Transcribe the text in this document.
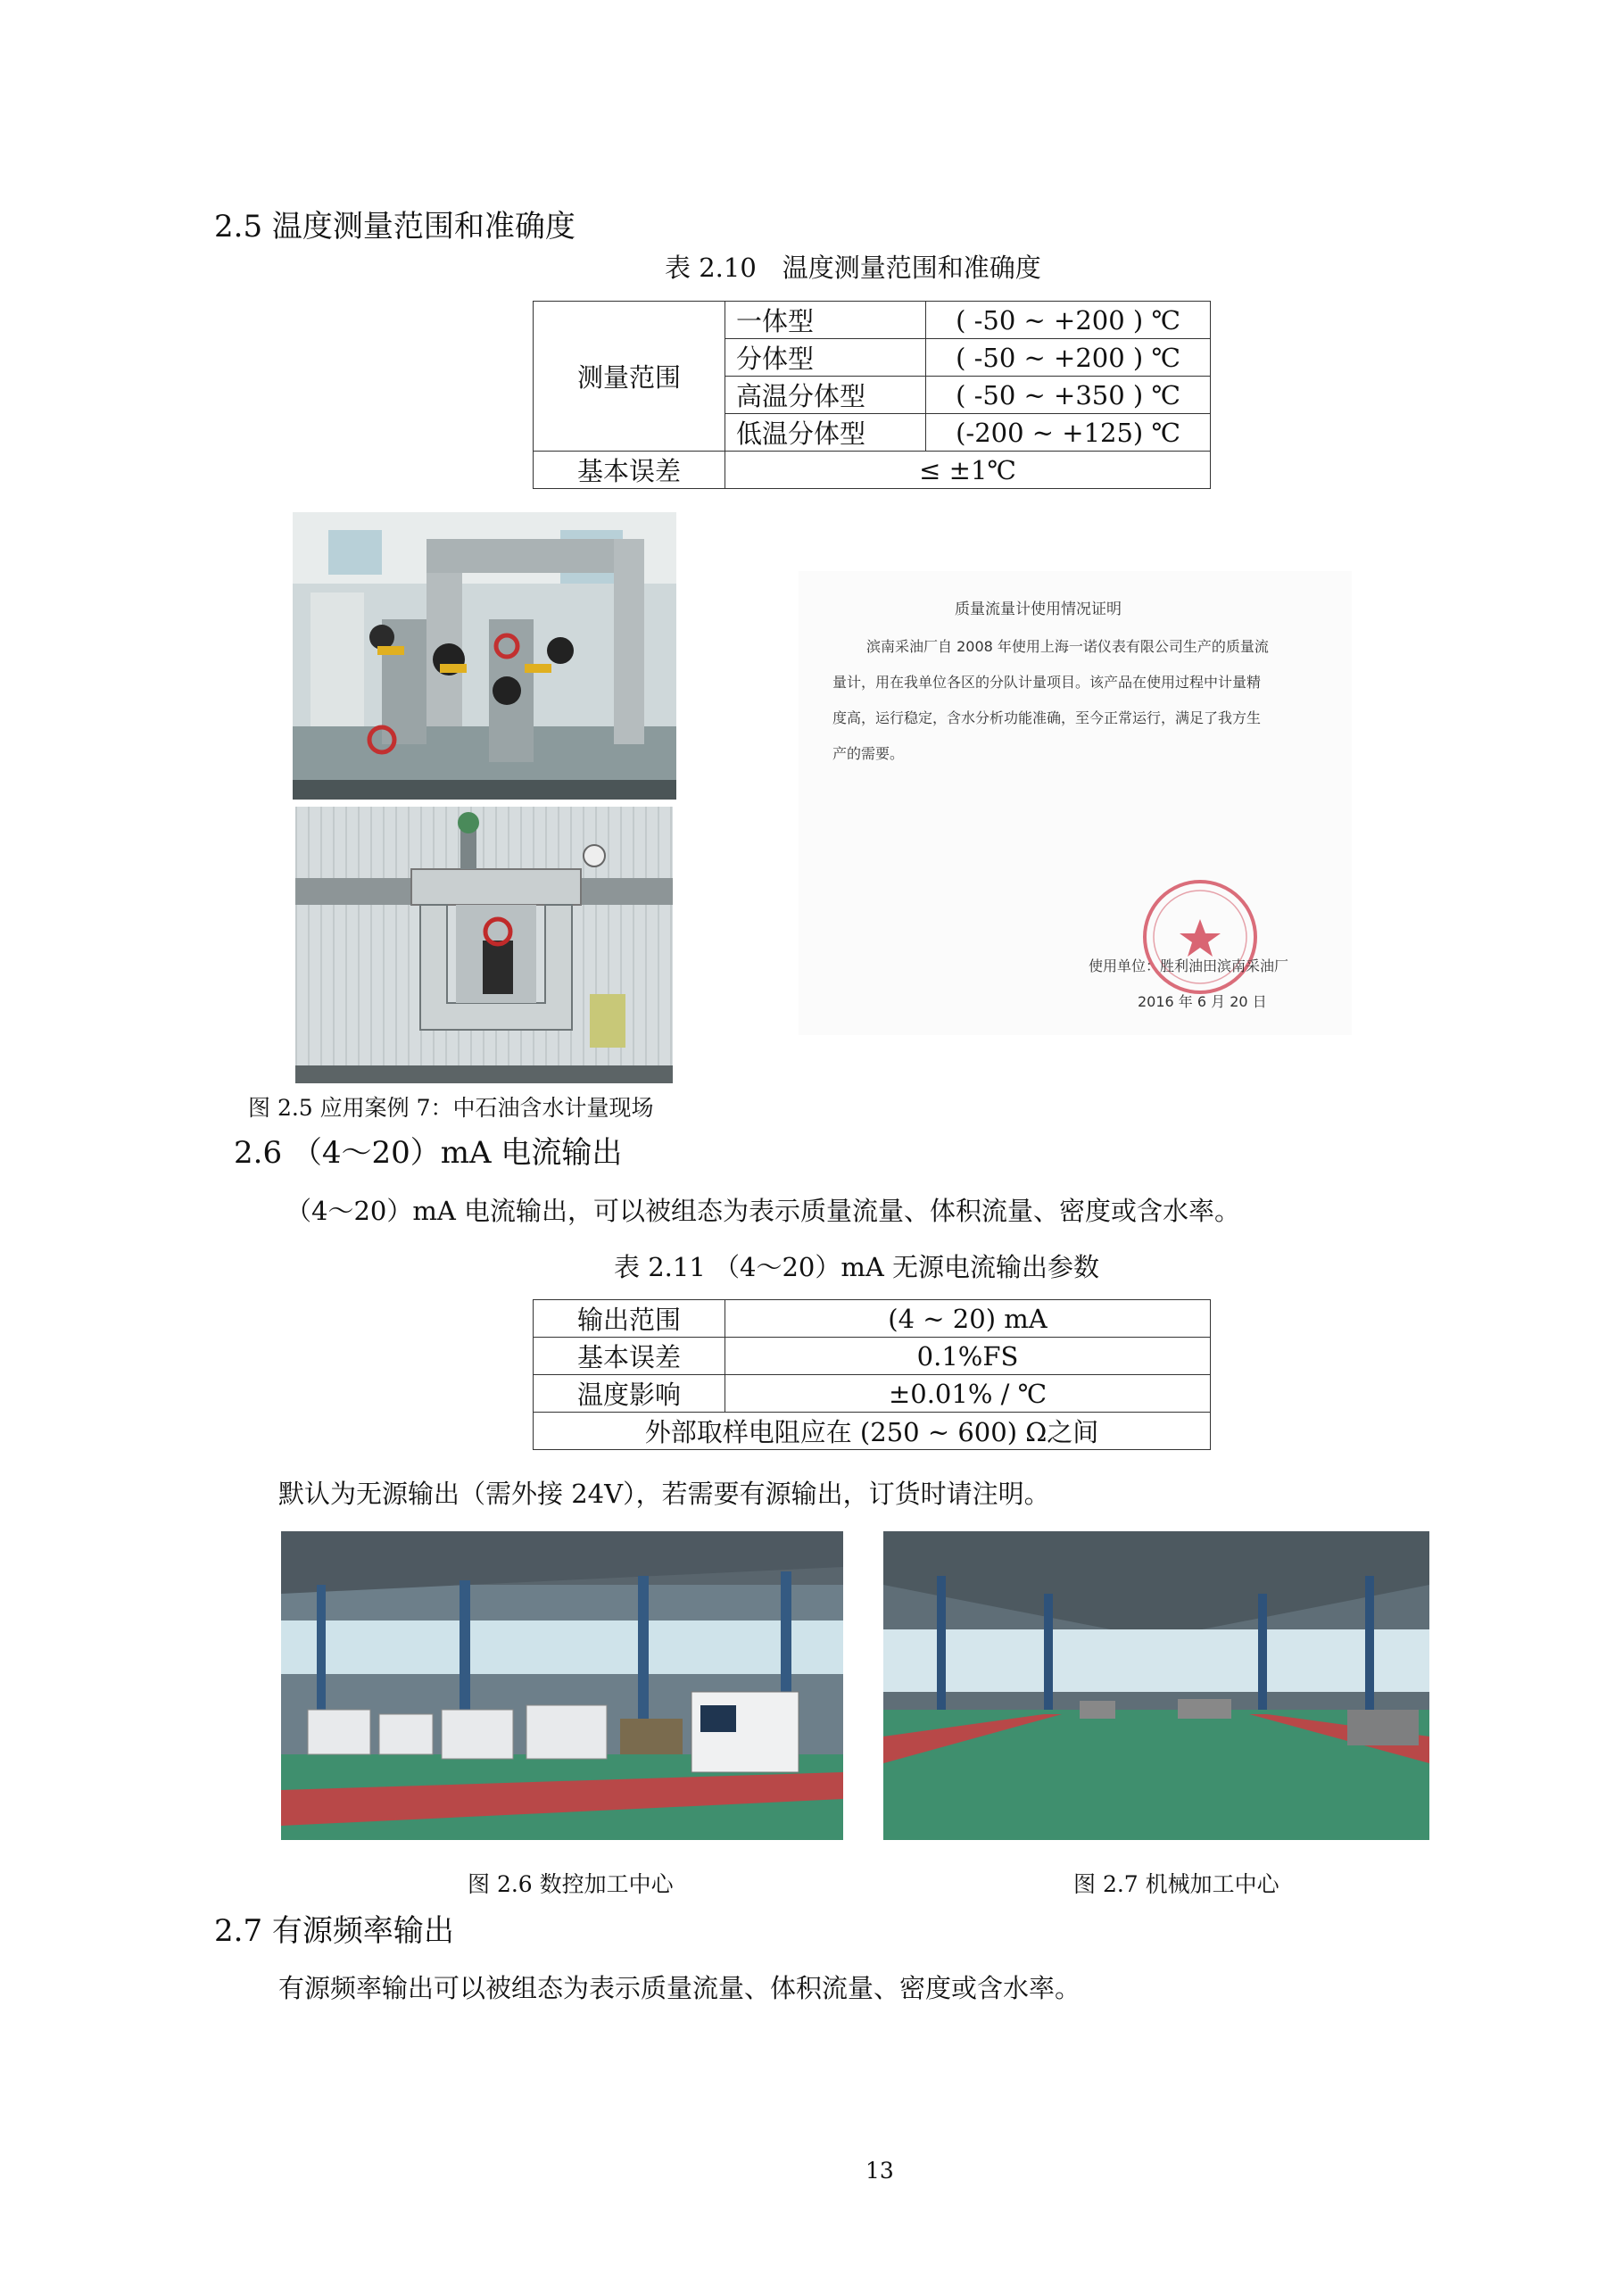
2.5 温度测量范围和准确度
表 2.10　温度测量范围和准确度
测量范围	一体型	( -50 ~ +200 ) ℃
	分体型	( -50 ~ +200 ) ℃
	高温分体型	( -50 ~ +350 ) ℃
	低温分体型	(-200 ~ +125) ℃
基本误差	≤ ±1℃	
质量流量计使用情况证明
滨南采油厂自 2008 年使用上海一诺仪表有限公司生产的质量流
量计，用在我单位各区的分队计量项目。该产品在使用过程中计量精
度高，运行稳定，含水分析功能准确，至今正常运行，满足了我方生
产的需要。
使用单位：胜利油田滨南采油厂
2016 年 6 月 20 日
图 2.5 应用案例 7：中石油含水计量现场
2.6 （4～20）mA 电流输出
（4～20）mA 电流输出，可以被组态为表示质量流量、体积流量、密度或含水率。
表 2.11 （4～20）mA 无源电流输出参数
输出范围	(4 ~ 20) mA
基本误差	0.1%FS
温度影响	±0.01% / ℃
外部取样电阻应在 (250 ~ 600) Ω之间	
默认为无源输出（需外接 24V），若需要有源输出，订货时请注明。
图 2.6 数控加工中心	图 2.7 机械加工中心
2.7 有源频率输出
有源频率输出可以被组态为表示质量流量、体积流量、密度或含水率。
13
